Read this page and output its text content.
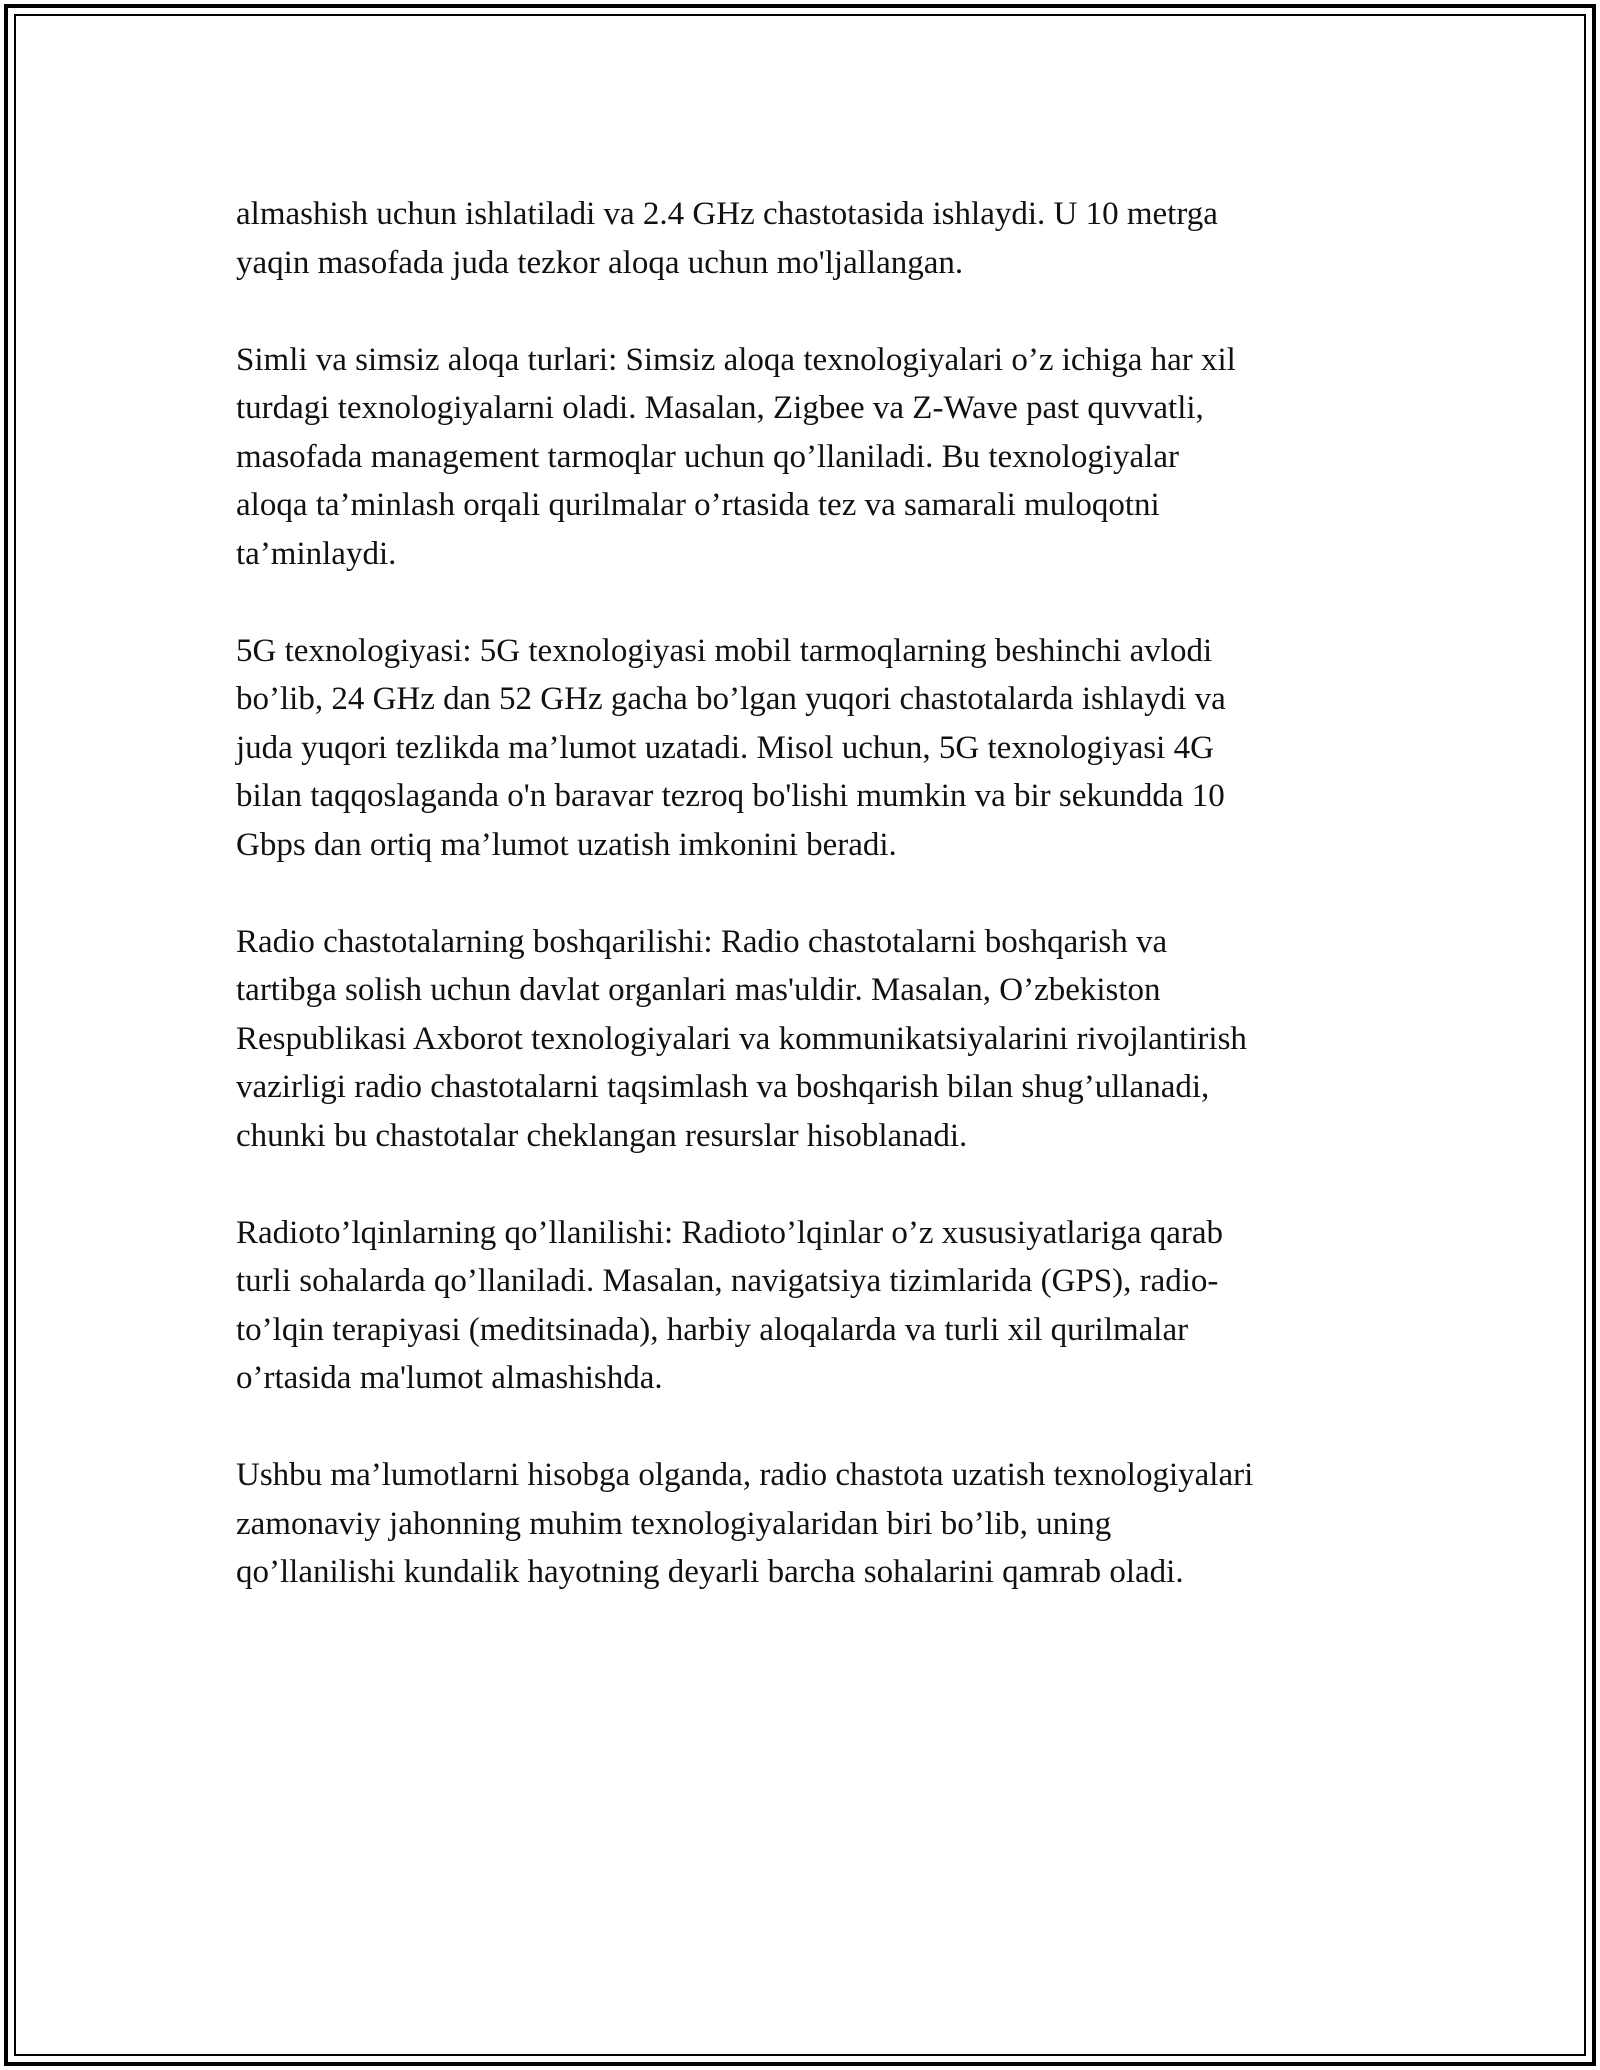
almashish uchun ishlatiladi va 2.4 GHz chastotasida ishlaydi. U 10 metrga
yaqin masofada juda tezkor aloqa uchun mo'ljallangan.

Simli va simsiz aloqa turlari: Simsiz aloqa texnologiyalari o’z ichiga har xil
turdagi texnologiyalarni oladi. Masalan, Zigbee va Z-Wave past quvvatli,
masofada management tarmoqlar uchun qo’llaniladi. Bu texnologiyalar
aloqa ta’minlash orqali qurilmalar o’rtasida tez va samarali muloqotni
ta’minlaydi.

5G texnologiyasi: 5G texnologiyasi mobil tarmoqlarning beshinchi avlodi
bo’lib, 24 GHz dan 52 GHz gacha bo’lgan yuqori chastotalarda ishlaydi va
juda yuqori tezlikda ma’lumot uzatadi. Misol uchun, 5G texnologiyasi 4G
bilan taqqoslaganda o'n baravar tezroq bo'lishi mumkin va bir sekundda 10
Gbps dan ortiq ma’lumot uzatish imkonini beradi.

Radio chastotalarning boshqarilishi: Radio chastotalarni boshqarish va
tartibga solish uchun davlat organlari mas'uldir. Masalan, O’zbekiston
Respublikasi Axborot texnologiyalari va kommunikatsiyalarini rivojlantirish
vazirligi radio chastotalarni taqsimlash va boshqarish bilan shug’ullanadi,
chunki bu chastotalar cheklangan resurslar hisoblanadi.

Radioto’lqinlarning qo’llanilishi: Radioto’lqinlar o’z xususiyatlariga qarab
turli sohalarda qo’llaniladi. Masalan, navigatsiya tizimlarida (GPS), radio-
to’lqin terapiyasi (meditsinada), harbiy aloqalarda va turli xil qurilmalar
o’rtasida ma'lumot almashishda.

Ushbu ma’lumotlarni hisobga olganda, radio chastota uzatish texnologiyalari
zamonaviy jahonning muhim texnologiyalaridan biri bo’lib, uning
qo’llanilishi kundalik hayotning deyarli barcha sohalarini qamrab oladi.
